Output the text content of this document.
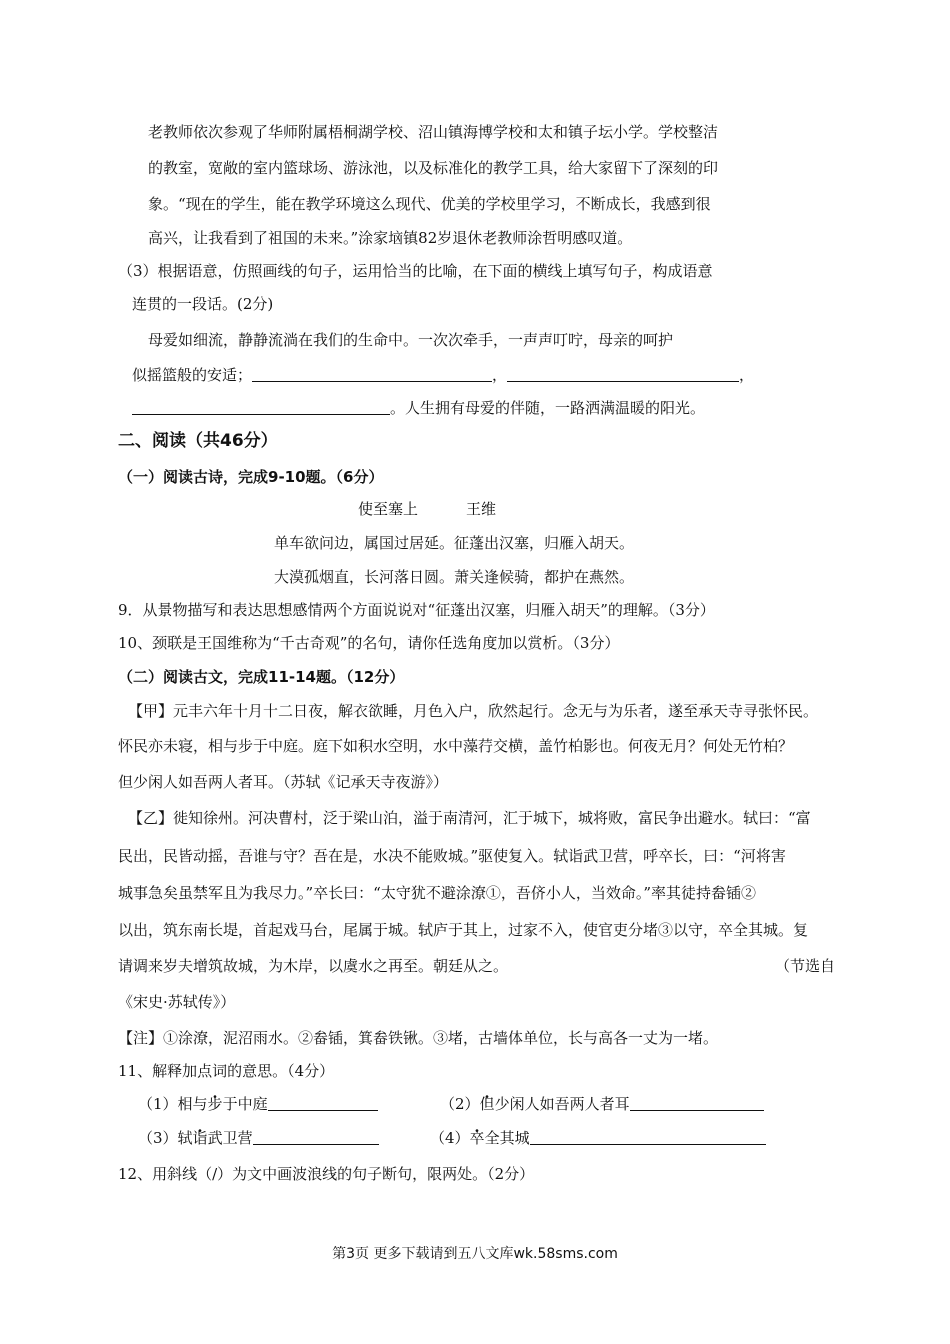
老教师依次参观了华师附属梧桐湖学校、沼山镇海博学校和太和镇子坛小学。学校整洁
的教室，宽敞的室内篮球场、游泳池，以及标准化的教学工具，给大家留下了深刻的印
象。“现在的学生，能在教学环境这么现代、优美的学校里学习，不断成长，我感到很
高兴，让我看到了祖国的未来。”涂家垴镇82岁退休老教师涂哲明感叹道。
（3）根据语意，仿照画线的句子，运用恰当的比喻，在下面的横线上填写句子，构成语意
连贯的一段话。(2分)
母爱如细流，静静流淌在我们的生命中。一次次牵手，一声声叮咛，母亲的呵护
似摇篮般的安适；	，	，
。人生拥有母爱的伴随，一路洒满温暖的阳光。
二、阅读（共46分）
（一）阅读古诗，完成9-10题。（6分）
使至塞上	王维
单车欲问边，属国过居延。征蓬出汉塞，归雁入胡天。
大漠孤烟直，长河落日圆。萧关逢候骑，都护在燕然。
9．从景物描写和表达思想感情两个方面说说对“征蓬出汉塞，归雁入胡天”的理解。（3分）
10、颈联是王国维称为“千古奇观”的名句，请你任选角度加以赏析。（3分）
（二）阅读古文，完成11-14题。（12分）
【甲】元丰六年十月十二日夜，解衣欲睡，月色入户，欣然起行。念无与为乐者，遂至承天寺寻张怀民。
怀民亦未寝，相与步于中庭。庭下如积水空明，水中藻荇交横，盖竹柏影也。何夜无月？何处无竹柏？
但少闲人如吾两人者耳。（苏轼《记承天寺夜游》）
【乙】徙知徐州。河决曹村，泛于梁山泊，溢于南清河，汇于城下，城将败，富民争出避水。轼曰：“富
民出，民皆动摇，吾谁与守？吾在是，水决不能败城。”驱使复入。轼诣武卫营，呼卒长，曰：“河将害
城事急矣虽禁军且为我尽力。”卒长曰：“太守犹不避涂潦①，吾侪小人，当效命。”率其徒持畚锸②
以出，筑东南长堤，首起戏马台，尾属于城。轼庐于其上，过家不入，使官吏分堵③以守，卒全其城。复
请调来岁夫增筑故城，为木岸，以虞水之再至。朝廷从之。	（节选自
《宋史·苏轼传》）
【注】①涂潦，泥沼雨水。②畚锸，箕畚铁锹。③堵，古墙体单位，长与高各一丈为一堵。
11、解释加点词的意思。（4分）
（1）相与步于中庭	（2）但少闲人如吾两人者耳
（3）轼诣武卫营	（4）卒全其城
12、用斜线（/）为文中画波浪线的句子断句，限两处。（2分）
第3页 更多下载请到五八文库wk.58sms.com
